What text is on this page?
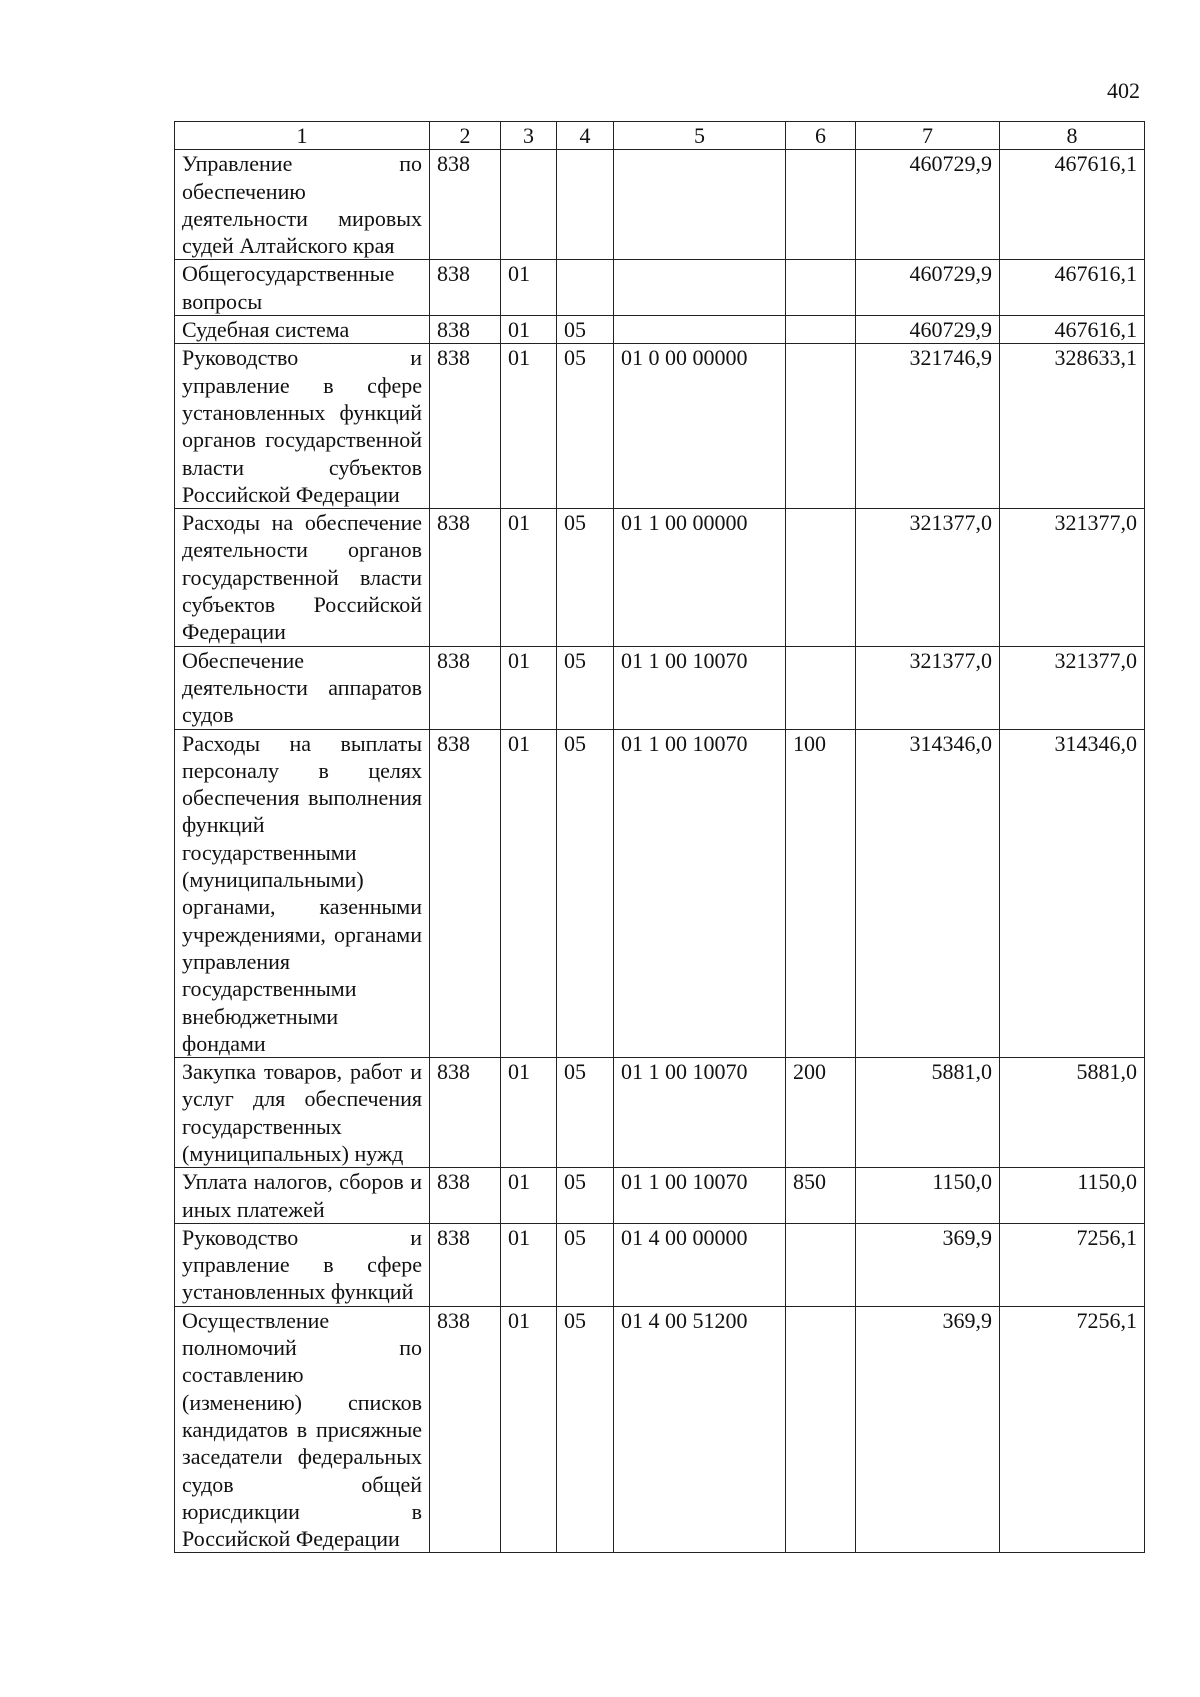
402
1	2	3	4	5	6	7	8
Управление по обеспечению деятельности мировых судей Алтайского края	838					460729,9	467616,1
Общегосударственные вопросы	838	01				460729,9	467616,1
Судебная система	838	01	05			460729,9	467616,1
Руководство и управление в сфере установленных функций органов государственной власти субъектов Российской Федерации	838	01	05	01 0 00 00000		321746,9	328633,1
Расходы на обеспечение деятельности органов государственной власти субъектов Российской Федерации	838	01	05	01 1 00 00000		321377,0	321377,0
Обеспечение деятельности аппаратов судов	838	01	05	01 1 00 10070		321377,0	321377,0
Расходы на выплаты персоналу в целях обеспечения выполнения функций государственными (муниципальными) органами, казенными учреждениями, органами управления государственными внебюджетными фондами	838	01	05	01 1 00 10070	100	314346,0	314346,0
Закупка товаров, работ и услуг для обеспечения государственных (муниципальных) нужд	838	01	05	01 1 00 10070	200	5881,0	5881,0
Уплата налогов, сборов и иных платежей	838	01	05	01 1 00 10070	850	1150,0	1150,0
Руководство и управление в сфере установленных функций	838	01	05	01 4 00 00000		369,9	7256,1
Осуществление полномочий по составлению (изменению) списков кандидатов в присяжные заседатели федеральных судов общей юрисдикции в Российской Федерации	838	01	05	01 4 00 51200		369,9	7256,1
